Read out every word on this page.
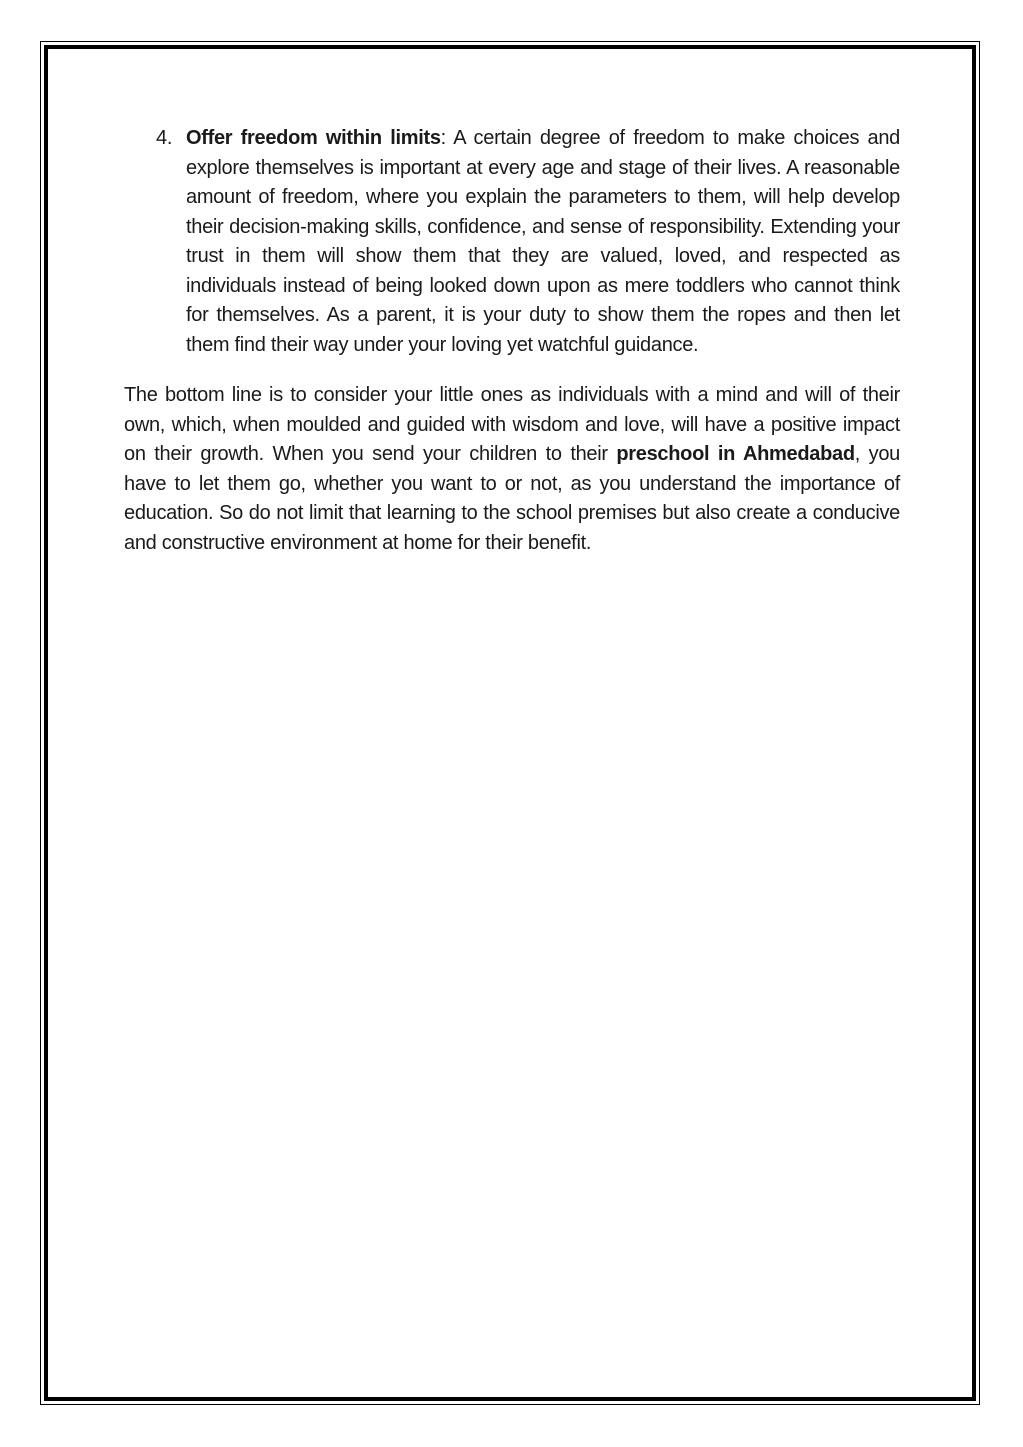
4. Offer freedom within limits: A certain degree of freedom to make choices and explore themselves is important at every age and stage of their lives. A reasonable amount of freedom, where you explain the parameters to them, will help develop their decision-making skills, confidence, and sense of responsibility. Extending your trust in them will show them that they are valued, loved, and respected as individuals instead of being looked down upon as mere toddlers who cannot think for themselves. As a parent, it is your duty to show them the ropes and then let them find their way under your loving yet watchful guidance.

The bottom line is to consider your little ones as individuals with a mind and will of their own, which, when moulded and guided with wisdom and love, will have a positive impact on their growth. When you send your children to their preschool in Ahmedabad, you have to let them go, whether you want to or not, as you understand the importance of education. So do not limit that learning to the school premises but also create a conducive and constructive environment at home for their benefit.
